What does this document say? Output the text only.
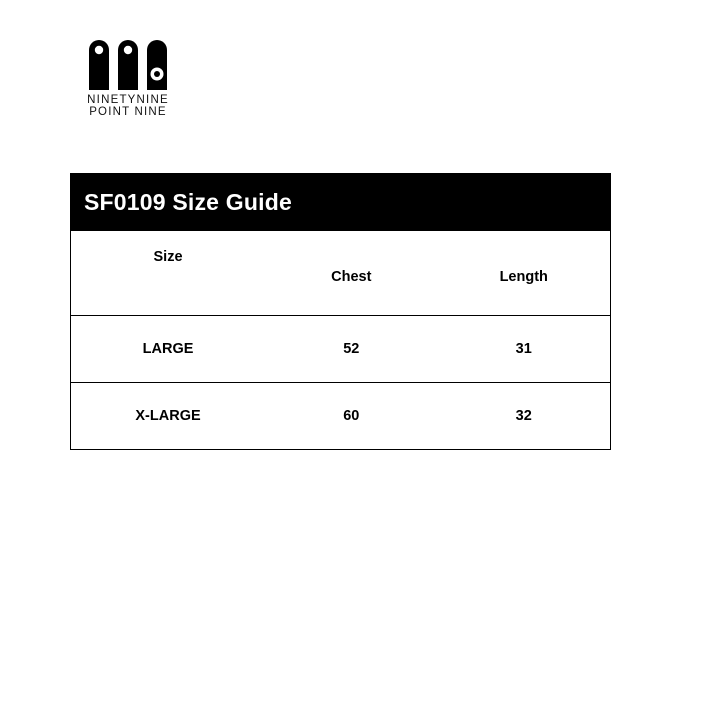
NINETYNINE
POINT NINE
SF0109 Size Guide
Size	Chest	Length
LARGE	52	31
X-LARGE	60	32
